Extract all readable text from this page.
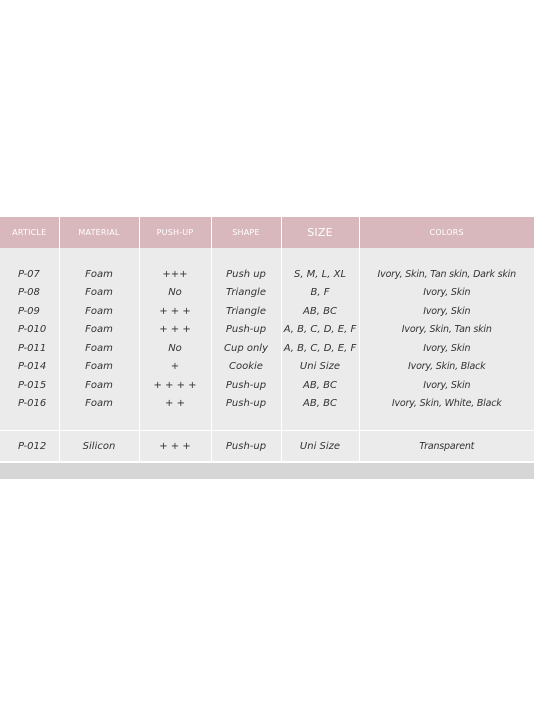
ARTICLE	MATERIAL	PUSH-UP	SHAPE	SIZE	COLORS

P-07	Foam	+++	Push up	S, M, L, XL	Ivory, Skin, Tan skin, Dark skin
P-08	Foam	No	Triangle	B, F	Ivory, Skin
P-09	Foam	+ + +	Triangle	AB, BC	Ivory, Skin
P-010	Foam	+ + +	Push-up	A, B, C, D, E, F	Ivory, Skin, Tan skin
P-011	Foam	No	Cup only	A, B, C, D, E, F	Ivory, Skin
P-014	Foam	+	Cookie	Uni Size	Ivory, Skin, Black
P-015	Foam	+ + + +	Push-up	AB, BC	Ivory, Skin
P-016	Foam	+ +	Push-up	AB, BC	Ivory, Skin, White, Black

P-012	Silicon	+ + +	Push-up	Uni Size	Transparent
